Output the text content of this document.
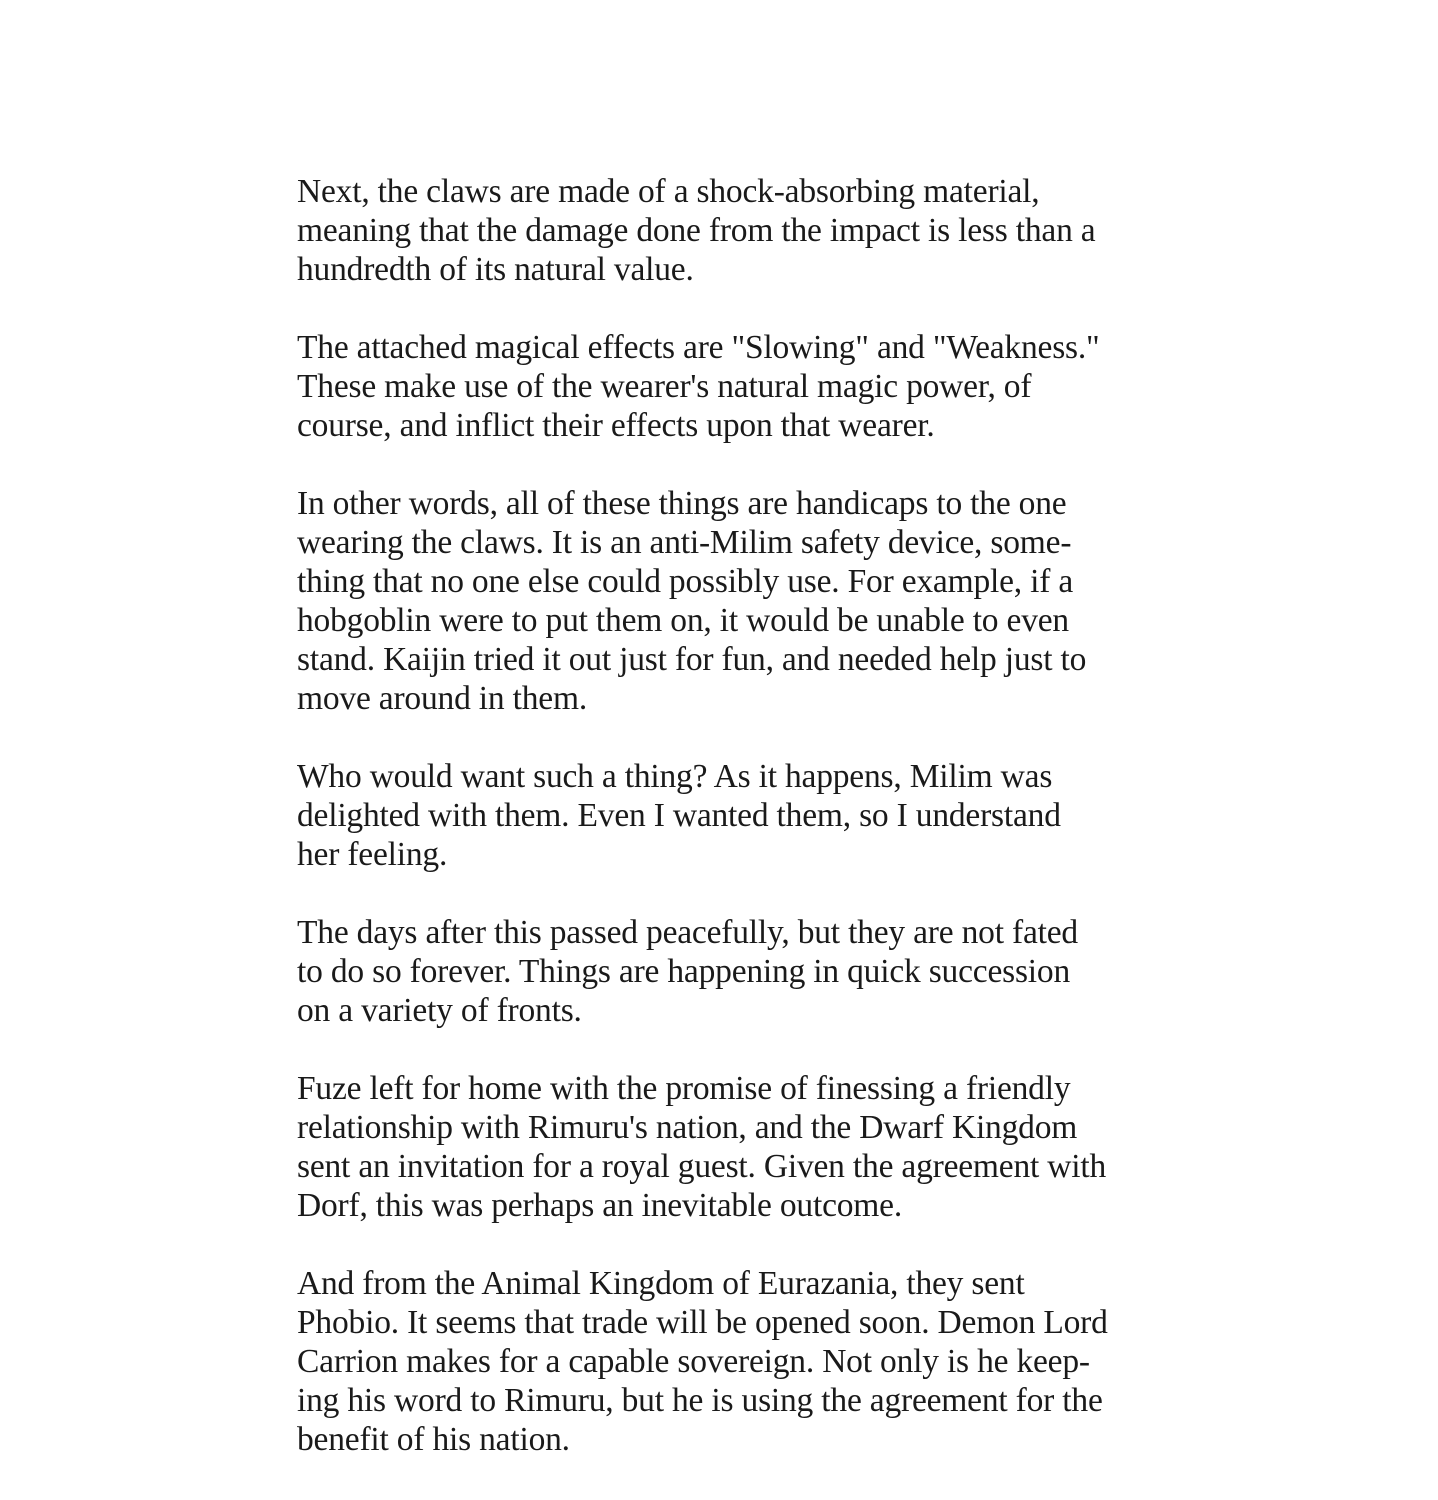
Next, the claws are made of a shock-absorbing material,
meaning that the damage done from the impact is less than a
hundredth of its natural value.

The attached magical effects are "Slowing" and "Weakness."
These make use of the wearer's natural magic power, of
course, and inflict their effects upon that wearer.

In other words, all of these things are handicaps to the one
wearing the claws. It is an anti-Milim safety device, some-
thing that no one else could possibly use. For example, if a
hobgoblin were to put them on, it would be unable to even
stand. Kaijin tried it out just for fun, and needed help just to
move around in them.

Who would want such a thing? As it happens, Milim was
delighted with them. Even I wanted them, so I understand
her feeling.

The days after this passed peacefully, but they are not fated
to do so forever. Things are happening in quick succession
on a variety of fronts.

Fuze left for home with the promise of finessing a friendly
relationship with Rimuru's nation, and the Dwarf Kingdom
sent an invitation for a royal guest. Given the agreement with
Dorf, this was perhaps an inevitable outcome.

And from the Animal Kingdom of Eurazania, they sent
Phobio. It seems that trade will be opened soon. Demon Lord
Carrion makes for a capable sovereign. Not only is he keep-
ing his word to Rimuru, but he is using the agreement for the
benefit of his nation.
